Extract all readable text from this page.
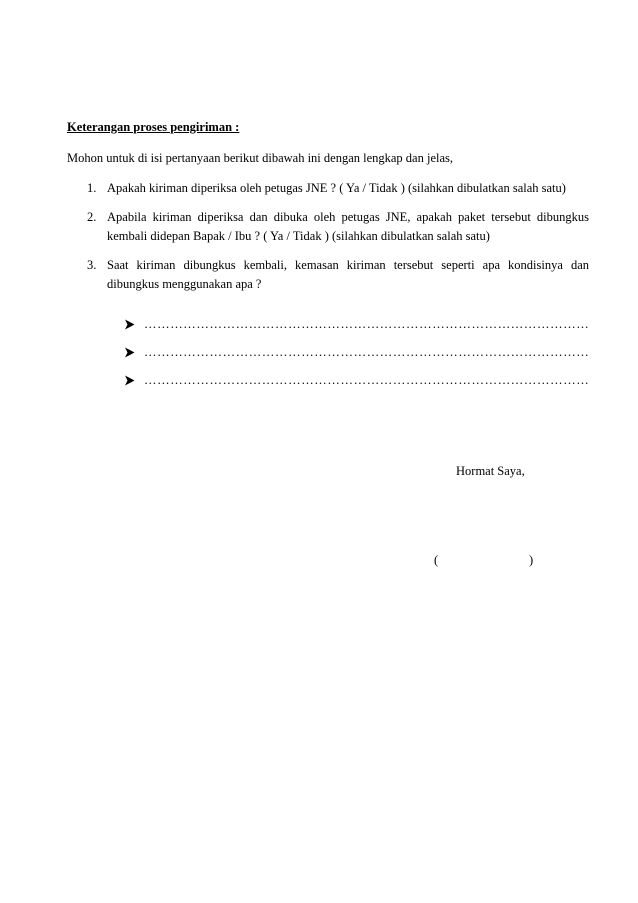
Keterangan proses pengiriman :
Mohon untuk di isi pertanyaan berikut dibawah ini dengan lengkap dan jelas,
1. Apakah kiriman diperiksa oleh petugas JNE ? ( Ya / Tidak ) (silahkan dibulatkan salah satu)
2. Apabila kiriman diperiksa dan dibuka oleh petugas JNE, apakah paket tersebut dibungkus kembali didepan Bapak / Ibu ? ( Ya / Tidak ) (silahkan dibulatkan salah satu)
3. Saat kiriman dibungkus kembali, kemasan kiriman tersebut seperti apa kondisinya dan dibungkus menggunakan apa ?
…………………………………………………………………………………………
…………………………………………………………………………………………
…………………………………………………………………………………………
Hormat Saya,
(	)
